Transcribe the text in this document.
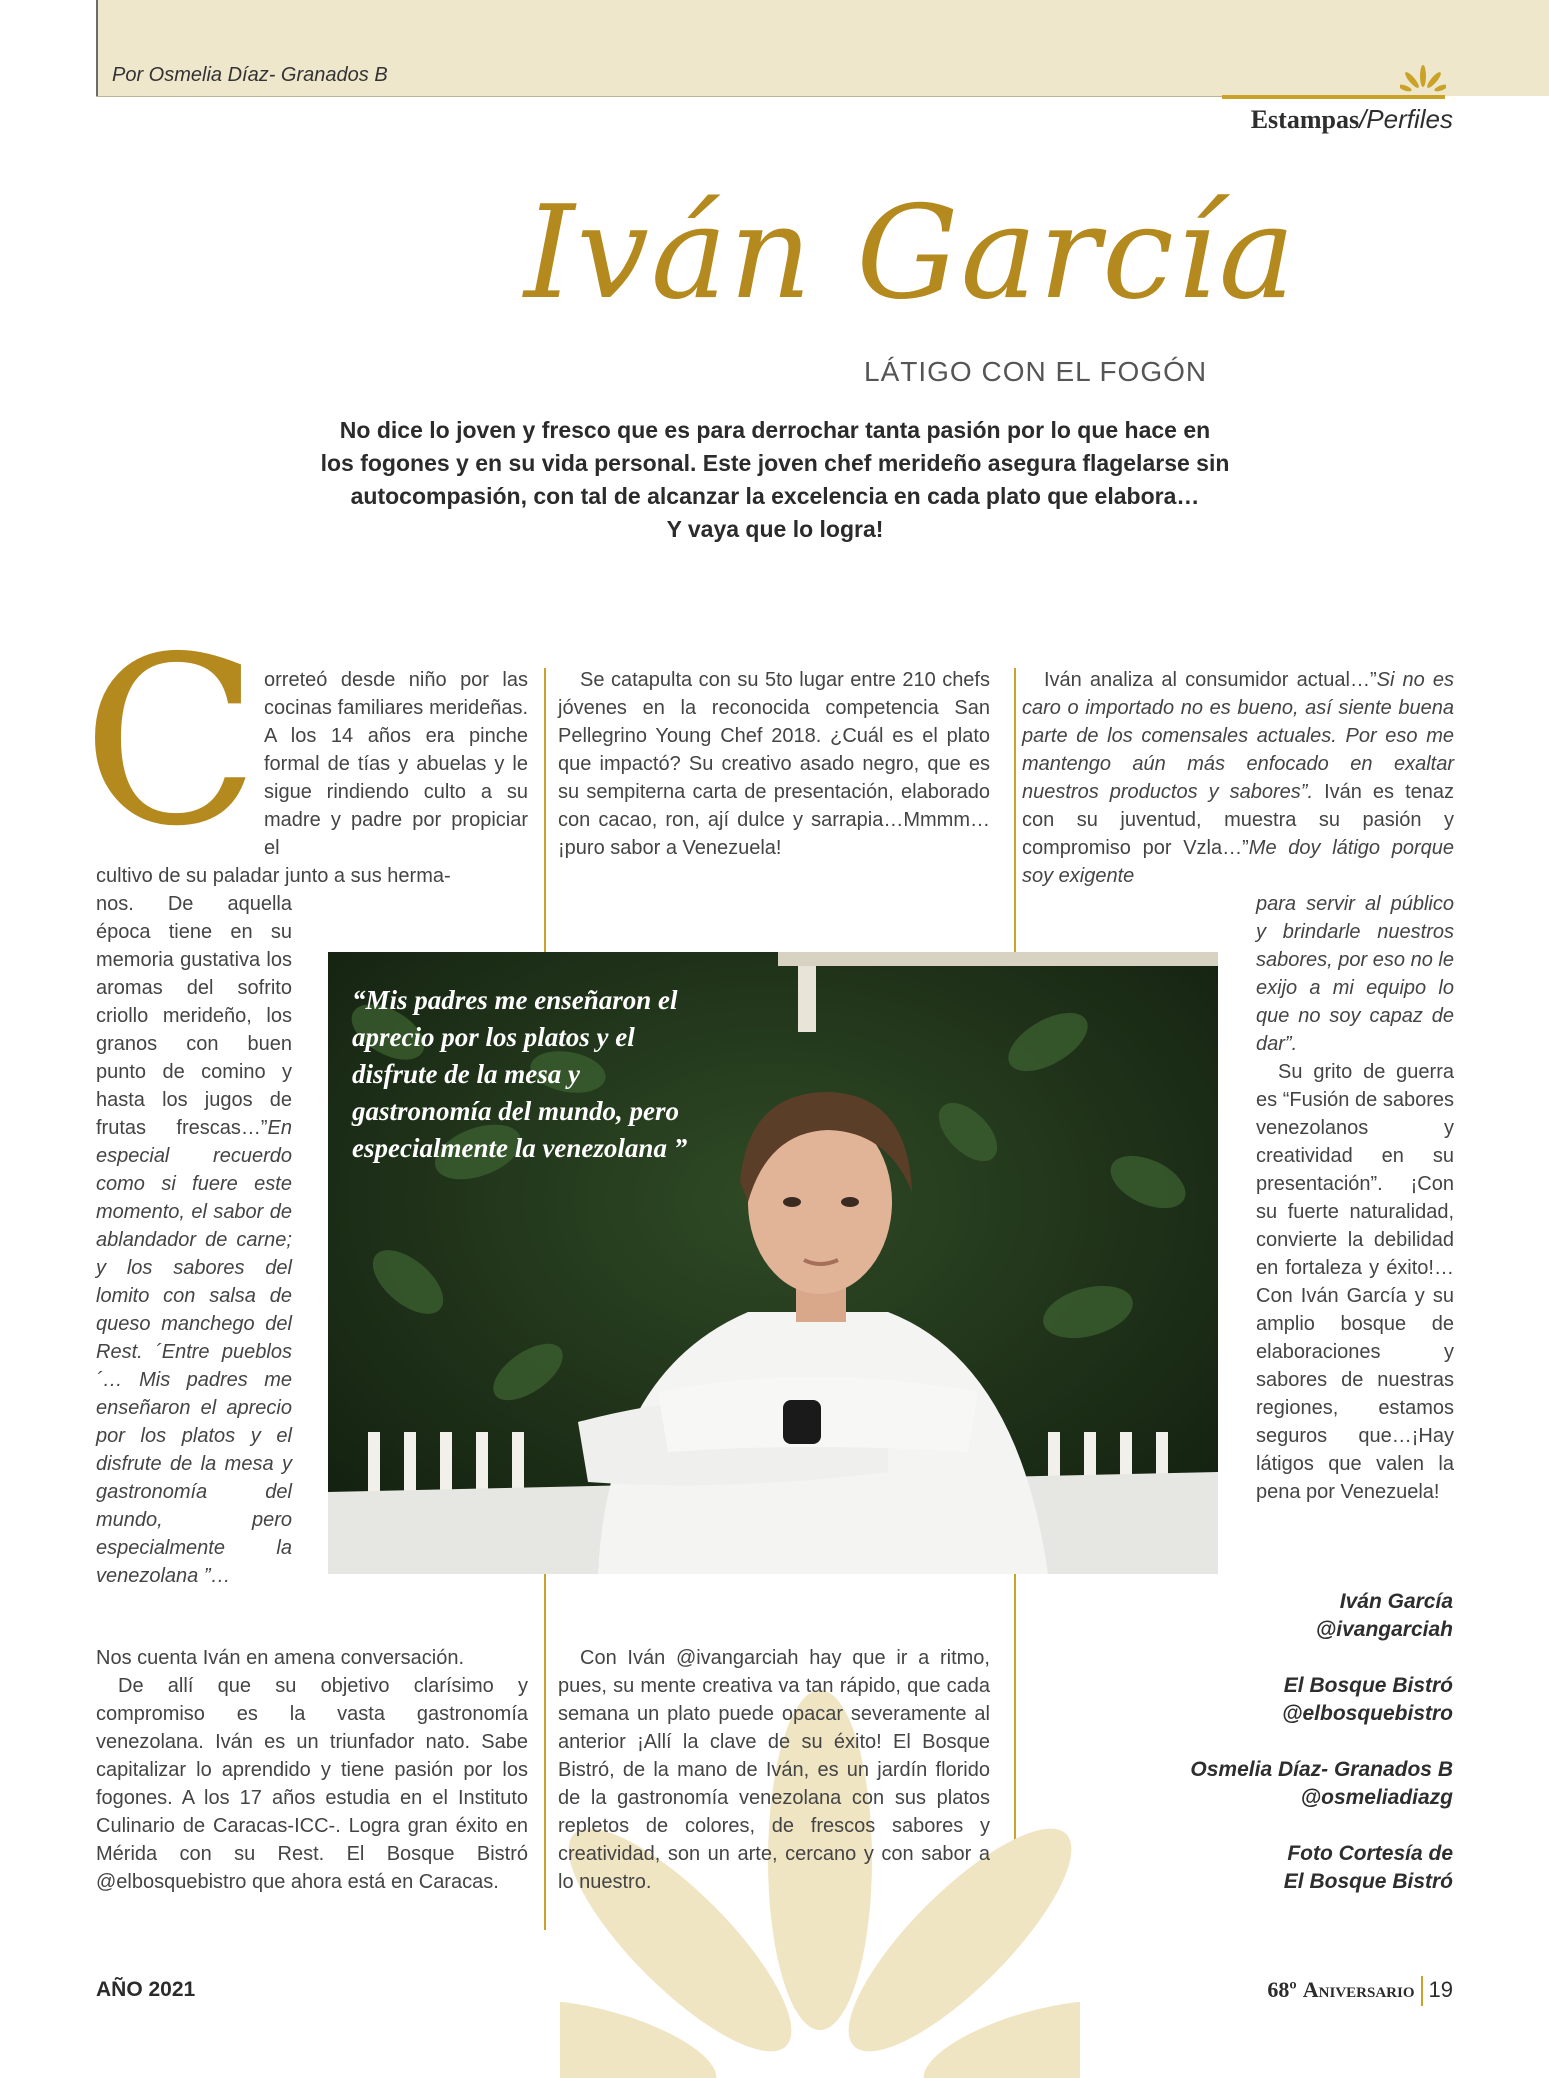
Por Osmelia Díaz- Granados B
Estampas/Perfiles
Iván García
LÁTIGO CON EL FOGÓN
No dice lo joven y fresco que es para derrochar tanta pasión por lo que hace en
los fogones y en su vida personal. Este joven chef merideño asegura flagelarse sin
autocompasión, con tal de alcanzar la excelencia en cada plato que elabora…
Y vaya que lo logra!
C orreteó desde niño por las cocinas familiares merideñas. A los 14 años era pinche formal de tías y abuelas y le sigue rindiendo culto a su madre y padre por propiciar el
cultivo de su paladar junto a sus herma-
nos. De aquella época tiene en su memoria gustativa los aromas del sofrito criollo merideño, los granos con buen punto de comino y hasta los jugos de frutas frescas…”En especial recuerdo como si fuere este momento, el sabor de ablandador de carne; y los sabores del lomito con salsa de queso manchego del Rest. ´Entre pueblos´… Mis padres me enseñaron el aprecio por los platos y el disfrute de la mesa y gastronomía del mundo, pero especialmente la venezolana ”…
Nos cuenta Iván en amena conversación.
De allí que su objetivo clarísimo y compromiso es la vasta gastronomía venezolana. Iván es un triunfador nato. Sabe capitalizar lo aprendido y tiene pasión por los fogones. A los 17 años estudia en el Instituto Culinario de Caracas-ICC-. Logra gran éxito en Mérida con su Rest. El Bosque Bistró @elbosquebistro que ahora está en Caracas.
Se catapulta con su 5to lugar entre 210 chefs jóvenes en la reconocida competencia San Pellegrino Young Chef 2018. ¿Cuál es el plato que impactó? Su creativo asado negro, que es su sempiterna carta de presentación, elaborado con cacao, ron, ají dulce y sarrapia…Mmmm…¡puro sabor a Venezuela!
Con Iván @ivangarciah hay que ir a ritmo, pues, su mente creativa va tan rápido, que cada semana un plato puede opacar severamente al anterior ¡Allí la clave de su éxito! El Bosque Bistró, de la mano de Iván, es un jardín florido de la gastronomía venezolana con sus platos repletos de colores, de frescos sabores y creatividad, son un arte, cercano y con sabor a lo nuestro.
Iván analiza al consumidor actual…”Si no es caro o importado no es bueno, así siente buena parte de los comensales actuales. Por eso me mantengo aún más enfocado en exaltar nuestros productos y sabores”. Iván es tenaz con su juventud, muestra su pasión y compromiso por Vzla…”Me doy látigo porque soy exigente
para servir al público y brindarle nuestros sabores, por eso no le exijo a mi equipo lo que no soy capaz de dar”.
Su grito de guerra es “Fusión de sabores venezolanos y creatividad en su presentación”. ¡Con su fuerte naturalidad, convierte la debilidad en fortaleza y éxito!… Con Iván García y su amplio bosque de elaboraciones y sabores de nuestras regiones, estamos seguros que…¡Hay látigos que valen la pena por Venezuela!
“Mis padres me enseñaron el aprecio por los platos y el disfrute de la mesa y gastronomía del mundo, pero especialmente la venezolana ”
Iván García
@ivangarciah
El Bosque Bistró
@elbosquebistro
Osmelia Díaz- Granados B
@osmeliadiazg
Foto Cortesía de
El Bosque Bistró
AÑO 2021	68º Aniversario 19
